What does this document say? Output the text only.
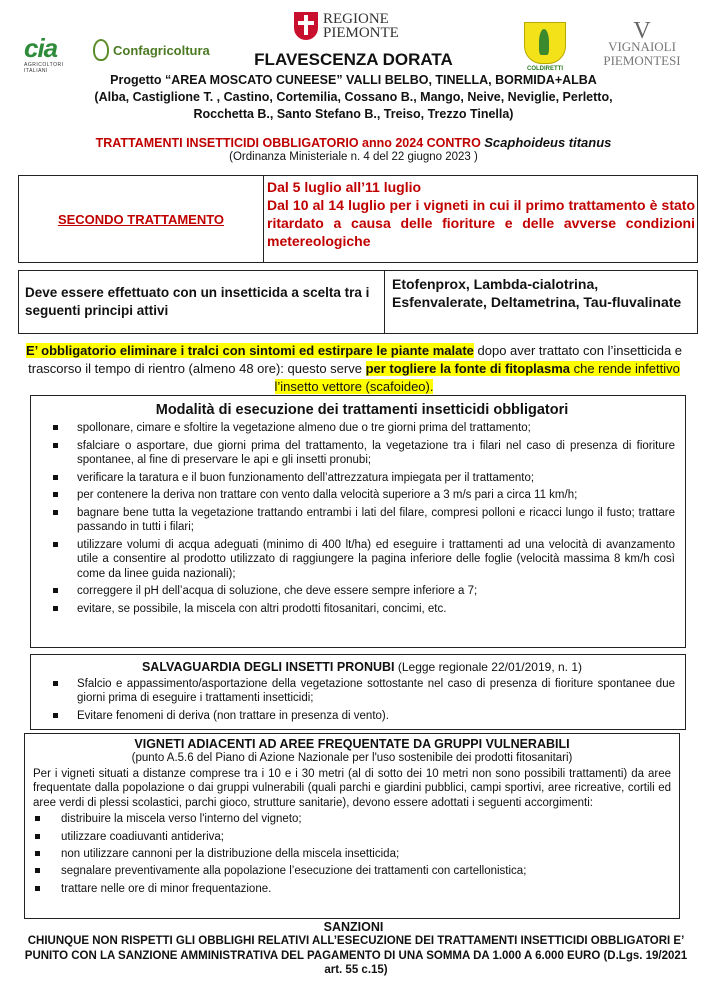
cia
AGRICOLTORI ITALIANI
Confagricoltura
REGIONE
PIEMONTE
COLDIRETTI
V
VIGNAIOLI
PIEMONTESI
FLAVESCENZA DORATA
Progetto “AREA MOSCATO CUNEESE” VALLI BELBO, TINELLA, BORMIDA+ALBA
(Alba, Castiglione T. , Castino, Cortemilia, Cossano B., Mango, Neive, Neviglie, Perletto,
Rocchetta B., Santo Stefano B., Treiso, Trezzo Tinella)
TRATTAMENTI INSETTICIDI OBBLIGATORIO anno 2024 CONTRO Scaphoideus titanus
(Ordinanza Ministeriale n. 4 del 22 giugno 2023 )
SECONDO TRATTAMENTO
Dal 5 luglio all’11 luglio
Dal 10 al 14 luglio per i vigneti in cui il primo trattamento è stato ritardato a causa delle fioriture e delle avverse condizioni metereologiche
Deve essere effettuato con un insetticida a scelta tra i seguenti principi attivi
Etofenprox, Lambda-cialotrina, Esfenvalerate, Deltametrina, Tau-fluvalinate
E’ obbligatorio eliminare i tralci con sintomi ed estirpare le piante malate dopo aver trattato con l’insetticida e trascorso il tempo di rientro (almeno 48 ore): questo serve per togliere la fonte di fitoplasma che rende infettivo l’insetto vettore (scafoideo).
Modalità di esecuzione dei trattamenti insetticidi obbligatori
spollonare, cimare e sfoltire la vegetazione almeno due o tre giorni prima del trattamento;
sfalciare o asportare, due giorni prima del trattamento, la vegetazione tra i filari nel caso di presenza di fioriture spontanee, al fine di preservare le api e gli insetti pronubi;
verificare la taratura e il buon funzionamento dell’attrezzatura impiegata per il trattamento;
per contenere la deriva non trattare con vento dalla velocità superiore a 3 m/s pari a circa 11 km/h;
bagnare bene tutta la vegetazione trattando entrambi i lati del filare, compresi polloni e ricacci lungo il fusto; trattare passando in tutti i filari;
utilizzare volumi di acqua adeguati (minimo di 400 lt/ha) ed eseguire i trattamenti ad una velocità di avanzamento utile a consentire al prodotto utilizzato di raggiungere la pagina inferiore delle foglie (velocità massima 8 km/h così come da linee guida nazionali);
correggere il pH dell’acqua di soluzione, che deve essere sempre inferiore a 7;
evitare, se possibile, la miscela con altri prodotti fitosanitari, concimi, etc.
SALVAGUARDIA DEGLI INSETTI PRONUBI (Legge regionale 22/01/2019, n. 1)
Sfalcio e appassimento/asportazione della vegetazione sottostante nel caso di presenza di fioriture spontanee due giorni prima di eseguire i trattamenti insetticidi;
Evitare fenomeni di deriva (non trattare in presenza di vento).
VIGNETI ADIACENTI AD AREE FREQUENTATE DA GRUPPI VULNERABILI
(punto A.5.6 del Piano di Azione Nazionale per l'uso sostenibile dei prodotti fitosanitari)
Per i vigneti situati a distanze comprese tra i 10 e i 30 metri (al di sotto dei 10 metri non sono possibili trattamenti) da aree frequentate dalla popolazione o dai gruppi vulnerabili (quali parchi e giardini pubblici, campi sportivi, aree ricreative, cortili ed aree verdi di plessi scolastici, parchi gioco, strutture sanitarie), devono essere adottati i seguenti accorgimenti:
distribuire la miscela verso l'interno del vigneto;
utilizzare coadiuvanti antideriva;
non utilizzare cannoni per la distribuzione della miscela insetticida;
segnalare preventivamente alla popolazione l’esecuzione dei trattamenti con cartellonistica;
trattare nelle ore di minor frequentazione.
SANZIONI
CHIUNQUE NON RISPETTI GLI OBBLIGHI RELATIVI ALL’ESECUZIONE DEI TRATTAMENTI INSETTICIDI OBBLIGATORI E’ PUNITO CON LA SANZIONE AMMINISTRATIVA DEL PAGAMENTO DI UNA SOMMA DA 1.000 A 6.000 EURO (D.Lgs. 19/2021 art. 55 c.15)
